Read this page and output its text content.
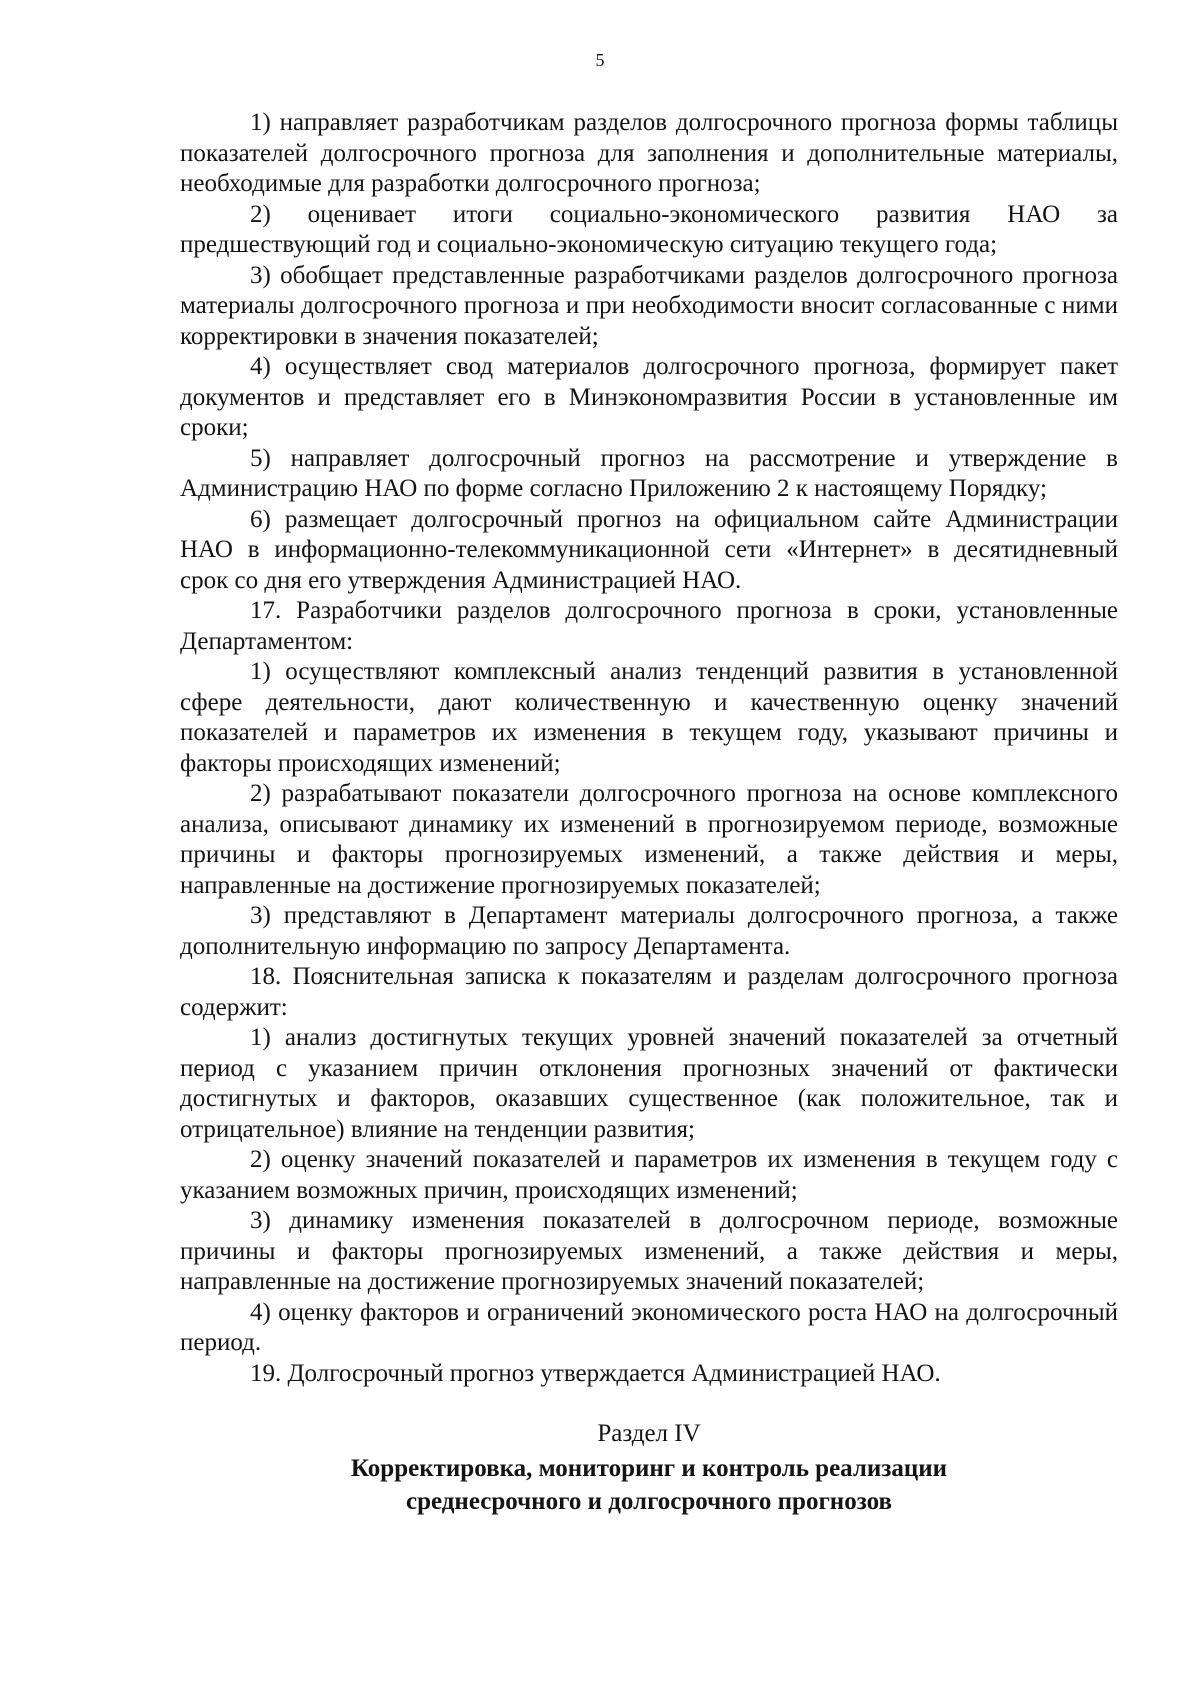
5

1) направляет разработчикам разделов долгосрочного прогноза формы таблицы показателей долгосрочного прогноза для заполнения и дополнительные материалы, необходимые для разработки долгосрочного прогноза;

2) оценивает итоги социально-экономического развития НАО за предшествующий год и социально-экономическую ситуацию текущего года;

3) обобщает представленные разработчиками разделов долгосрочного прогноза материалы долгосрочного прогноза и при необходимости вносит согласованные с ними корректировки в значения показателей;

4) осуществляет свод материалов долгосрочного прогноза, формирует пакет документов и представляет его в Минэкономразвития России в установленные им сроки;

5) направляет долгосрочный прогноз на рассмотрение и утверждение в Администрацию НАО по форме согласно Приложению 2 к настоящему Порядку;

6) размещает долгосрочный прогноз на официальном сайте Администрации НАО в информационно-телекоммуникационной сети «Интернет» в десятидневный срок со дня его утверждения Администрацией НАО.

17. Разработчики разделов долгосрочного прогноза в сроки, установленные Департаментом:

1) осуществляют комплексный анализ тенденций развития в установленной сфере деятельности, дают количественную и качественную оценку значений показателей и параметров их изменения в текущем году, указывают причины и факторы происходящих изменений;

2) разрабатывают показатели долгосрочного прогноза на основе комплексного анализа, описывают динамику их изменений в прогнозируемом периоде, возможные причины и факторы прогнозируемых изменений, а также действия и меры, направленные на достижение прогнозируемых показателей;

3) представляют в Департамент материалы долгосрочного прогноза, а также дополнительную информацию по запросу Департамента.

18. Пояснительная записка к показателям и разделам долгосрочного прогноза содержит:

1) анализ достигнутых текущих уровней значений показателей за отчетный период с указанием причин отклонения прогнозных значений от фактически достигнутых и факторов, оказавших существенное (как положительное, так и отрицательное) влияние на тенденции развития;

2) оценку значений показателей и параметров их изменения в текущем году с указанием возможных причин, происходящих изменений;

3) динамику изменения показателей в долгосрочном периоде, возможные причины и факторы прогнозируемых изменений, а также действия и меры, направленные на достижение прогнозируемых значений показателей;

4) оценку факторов и ограничений экономического роста НАО на долгосрочный период.

19. Долгосрочный прогноз утверждается Администрацией НАО.

Раздел IV
Корректировка, мониторинг и контроль реализации
среднесрочного и долгосрочного прогнозов
